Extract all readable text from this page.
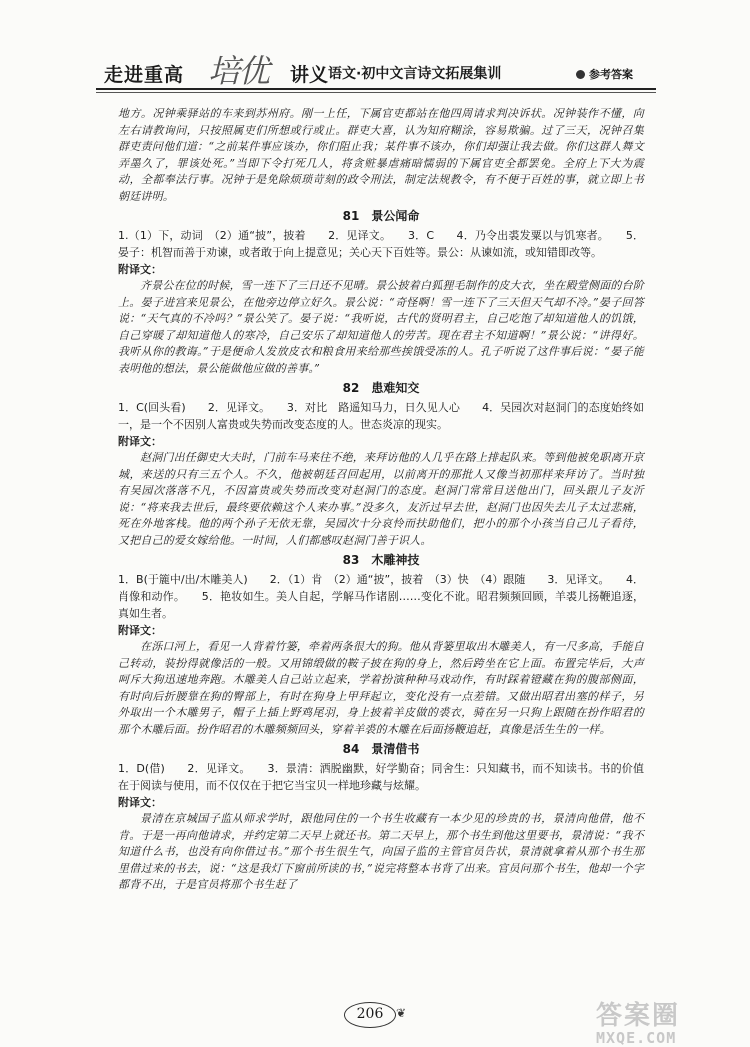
走进重高 培优 讲义 语文·初中文言诗文拓展集训	参考答案

地方。况钟乘驿站的车来到苏州府。刚一上任，下属官吏都站在他四周请求判决诉状。况钟装作不懂，向左右请教询问，只按照属吏们所想或行或止。群吏大喜，认为知府糊涂，容易欺骗。过了三天，况钟召集群吏责问他们道：“之前某件事应该办，你们阻止我；某件事不该办，你们却强让我去做。你们这群人舞文弄墨久了，罪该处死。”当即下令打死几人，将贪赃暴虐痛暗懦弱的下属官吏全都罢免。全府上下大为震动，全都奉法行事。况钟于是免除烦琐苛刻的政令刑法，制定法规教令，有不便于百姓的事，就立即上书朝廷讲明。

81　景公闻命

1.（1）下，动词　（2）通“披”，披着　　2．见译文。　　3．C　　4．乃令出裘发粟以与饥寒者。　　5．晏子：机智而善于劝谏，或者敢于向上提意见；关心天下百姓等。景公：从谏如流，或知错即改等。

附译文：

齐景公在位的时候，雪一连下了三日还不见晴。景公披着白狐狸毛制作的皮大衣，坐在殿堂侧面的台阶上。晏子进宫来见景公，在他旁边停立好久。景公说：“奇怪啊！雪一连下了三天但天气却不冷。”晏子回答说：“天气真的不冷吗？”景公笑了。晏子说：“我听说，古代的贤明君主，自己吃饱了却知道他人的饥饿，自己穿暖了却知道他人的寒冷，自己安乐了却知道他人的劳苦。现在君主不知道啊！”景公说：“讲得好。我听从你的教诲。”于是便命人发放皮衣和粮食用来给那些挨饿受冻的人。孔子听说了这件事后说：“晏子能表明他的想法，景公能做他应做的善事。”

82　患难知交

1．C(回头看)　　2．见译文。　　3．对比　路遥知马力，日久见人心　　4．吴园次对赵洞门的态度始终如一，是一个不因别人富贵或失势而改变态度的人。世态炎凉的现实。

附译文：

赵洞门出任御史大夫时，门前车马来往不绝，来拜访他的人几乎在路上排起队来。等到他被免职离开京城，来送的只有三五个人。不久，他被朝廷召回起用，以前离开的那批人又像当初那样来拜访了。当时独有吴园次落落不凡，不因富贵或失势而改变对赵洞门的态度。赵洞门常常目送他出门，回头跟儿子友沂说：“将来我去世后，最终要依赖这个人来办事。”没多久，友沂过早去世，赵洞门也因失去儿子太过悲痛，死在外地客栈。他的两个孙子无依无靠，吴园次十分哀怜而扶助他们，把小的那个小孩当自己儿子看待，又把自己的爱女嫁给他。一时间，人们都感叹赵洞门善于识人。

83　木雕神技

1．B(于簏中/出/木雕美人)　　2．（1）肯　（2）通“披”，披着　（3）快　（4）跟随　　3．见译文。　　4．肖像和动作。　　5．艳妆如生。美人自起，学解马作诸剧……变化不讹。昭君频频回顾，羊裘儿扬鞭追逐，真如生者。

附译文：

在泺口河上，看见一人背着竹篓，牵着两条很大的狗。他从背篓里取出木雕美人，有一尺多高，手能自己转动，装扮得就像活的一般。又用锦缎做的鞍子披在狗的身上，然后跨坐在它上面。布置完毕后，大声呵斥大狗迅速地奔跑。木雕美人自己站立起来，学着扮演种种马戏动作，有时踩着镫藏在狗的腹部侧面，有时向后折腰靠在狗的臀部上，有时在狗身上甲拜起立，变化没有一点差错。又做出昭君出塞的样子，另外取出一个木雕男子，帽子上插上野鸡尾羽，身上披着羊皮做的裘衣，骑在另一只狗上跟随在扮作昭君的那个木雕后面。扮作昭君的木雕频频回头，穿着羊裘的木雕在后面扬鞭追赶，真像是活生生的一样。

84　景清借书

1．D(借)　　2．见译文。　　3．景清：洒脱幽默，好学勤奋；同舍生：只知藏书，而不知读书。书的价值在于阅读与使用，而不仅仅在于把它当宝贝一样地珍藏与炫耀。

附译文：

景清在京城国子监从师求学时，跟他同住的一个书生收藏有一本少见的珍贵的书，景清向他借，他不肯。于是一再向他请求，并约定第二天早上就还书。第二天早上，那个书生到他这里要书，景清说：“我不知道什么书，也没有向你借过书。”那个书生很生气，向国子监的主管官员告状，景清就拿着从那个书生那里借过来的书去，说：“这是我灯下窗前所读的书，”说完将整本书背了出来。官员问那个书生，他却一个字都背不出，于是官员将那个书生赶了

206	❦	答案圈
MXQE.COM
